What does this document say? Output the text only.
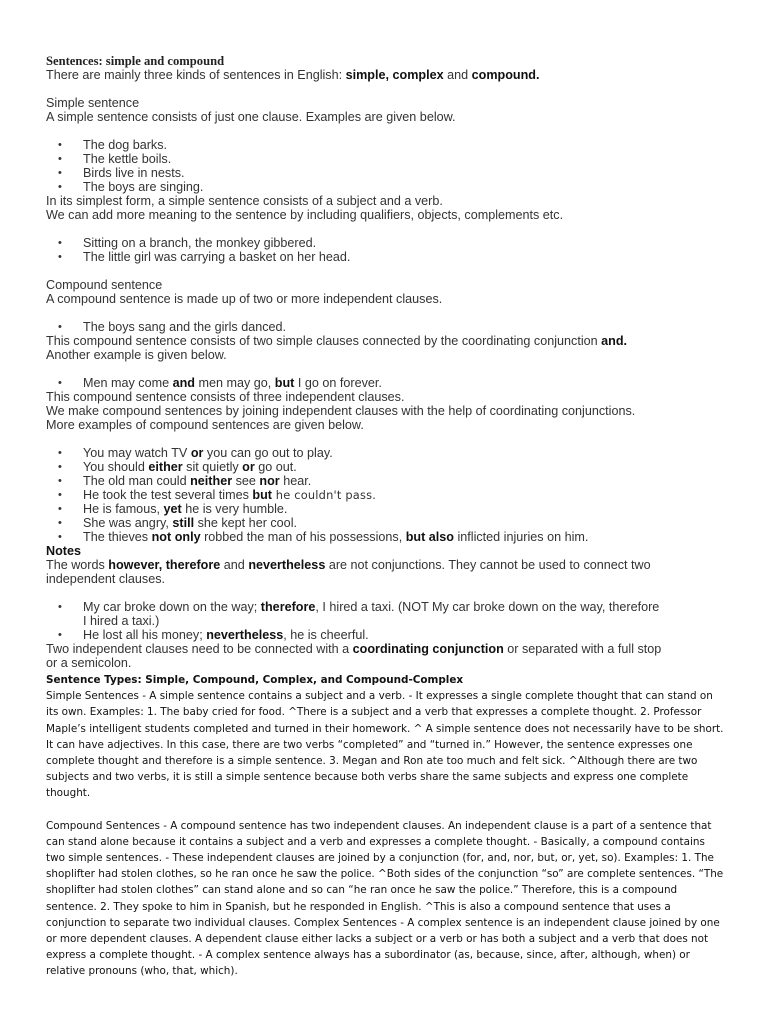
Sentences: simple and compound
There are mainly three kinds of sentences in English: simple, complex and compound.
Simple sentence
A simple sentence consists of just one clause. Examples are given below.
• The dog barks.
• The kettle boils.
• Birds live in nests.
• The boys are singing.
In its simplest form, a simple sentence consists of a subject and a verb.
We can add more meaning to the sentence by including qualifiers, objects, complements etc.
• Sitting on a branch, the monkey gibbered.
• The little girl was carrying a basket on her head.
Compound sentence
A compound sentence is made up of two or more independent clauses.
• The boys sang and the girls danced.
This compound sentence consists of two simple clauses connected by the coordinating conjunction and.
Another example is given below.
• Men may come and men may go, but I go on forever.
This compound sentence consists of three independent clauses.
We make compound sentences by joining independent clauses with the help of coordinating conjunctions.
More examples of compound sentences are given below.
• You may watch TV or you can go out to play.
• You should either sit quietly or go out.
• The old man could neither see nor hear.
• He took the test several times but he couldn't pass.
• He is famous, yet he is very humble.
• She was angry, still she kept her cool.
• The thieves not only robbed the man of his possessions, but also inflicted injuries on him.
Notes
The words however, therefore and nevertheless are not conjunctions. They cannot be used to connect two
independent clauses.
• My car broke down on the way; therefore, I hired a taxi. (NOT My car broke down on the way, therefore
I hired a taxi.)
• He lost all his money; nevertheless, he is cheerful.
Two independent clauses need to be connected with a coordinating conjunction or separated with a full stop
or a semicolon.
Sentence Types: Simple, Compound, Complex, and Compound-Complex
Simple Sentences - A simple sentence contains a subject and a verb. - It expresses a single complete thought that can stand on its own. Examples: 1. The baby cried for food. ^There is a subject and a verb that expresses a complete thought. 2. Professor Maple’s intelligent students completed and turned in their homework. ^ A simple sentence does not necessarily have to be short. It can have adjectives. In this case, there are two verbs “completed” and “turned in.” However, the sentence expresses one complete thought and therefore is a simple sentence. 3. Megan and Ron ate too much and felt sick. ^Although there are two subjects and two verbs, it is still a simple sentence because both verbs share the same subjects and express one complete thought.
Compound Sentences - A compound sentence has two independent clauses. An independent clause is a part of a sentence that can stand alone because it contains a subject and a verb and expresses a complete thought. - Basically, a compound contains two simple sentences. - These independent clauses are joined by a conjunction (for, and, nor, but, or, yet, so). Examples: 1. The shoplifter had stolen clothes, so he ran once he saw the police. ^Both sides of the conjunction “so” are complete sentences. “The shoplifter had stolen clothes” can stand alone and so can “he ran once he saw the police.” Therefore, this is a compound sentence. 2. They spoke to him in Spanish, but he responded in English. ^This is also a compound sentence that uses a conjunction to separate two individual clauses. Complex Sentences - A complex sentence is an independent clause joined by one or more dependent clauses. A dependent clause either lacks a subject or a verb or has both a subject and a verb that does not express a complete thought. - A complex sentence always has a subordinator (as, because, since, after, although, when) or relative pronouns (who, that, which).
